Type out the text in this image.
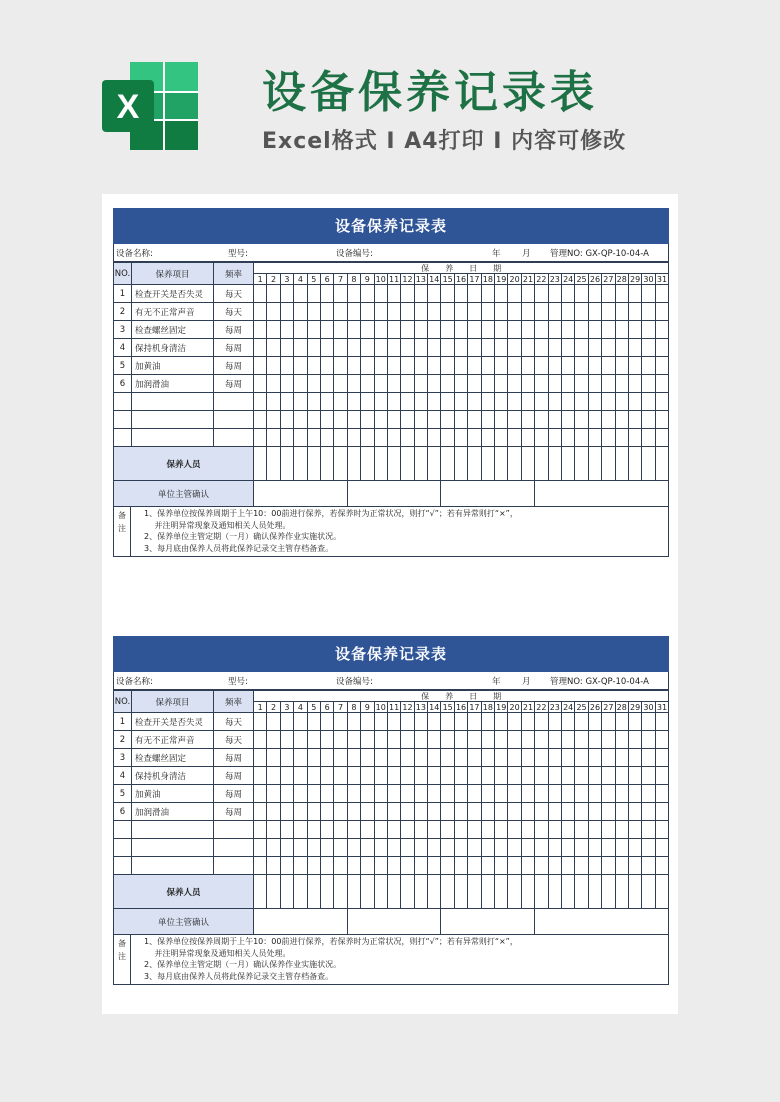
X	设备保养记录表
Excel格式 I A4打印 I 内容可修改
设备保养记录表
设备名称:	型号:	设备编号:	年	月 管理NO: GX-QP-10-04-A
NO.	保养项目	频率	保　　养　　日　　期																														
			1	2	3	4	5	6	7	8	9	10	11	12	13	14	15	16	17	18	19	20	21	22	23	24	25	26	27	28	29	30	31
1	检查开关是否失灵	每天																															
2	有无不正常声音	每天																															
3	检查螺丝固定	每周																															
4	保持机身清洁	每周																															
5	加黄油	每周																															
6	加润滑油	每周																															

保养人员																																	
单位主管确认																																	
备注
1、保养单位按保养周期于上午10：00前进行保养，若保养时为正常状况，则打“√”；若有异常则打“×”，
　 并注明异常现象及通知相关人员处理。
2、保养单位主管定期（一月）确认保养作业实施状况。
3、每月底由保养人员将此保养记录交主管存档备查。
设备保养记录表
设备名称:	型号:	设备编号:	年	月 管理NO: GX-QP-10-04-A
NO.	保养项目	频率	保　　养　　日　　期																														
			1	2	3	4	5	6	7	8	9	10	11	12	13	14	15	16	17	18	19	20	21	22	23	24	25	26	27	28	29	30	31
1	检查开关是否失灵	每天																															
2	有无不正常声音	每天																															
3	检查螺丝固定	每周																															
4	保持机身清洁	每周																															
5	加黄油	每周																															
6	加润滑油	每周																															

保养人员																																	
单位主管确认																																	
备注
1、保养单位按保养周期于上午10：00前进行保养，若保养时为正常状况，则打“√”；若有异常则打“×”，
　 并注明异常现象及通知相关人员处理。
2、保养单位主管定期（一月）确认保养作业实施状况。
3、每月底由保养人员将此保养记录交主管存档备查。
